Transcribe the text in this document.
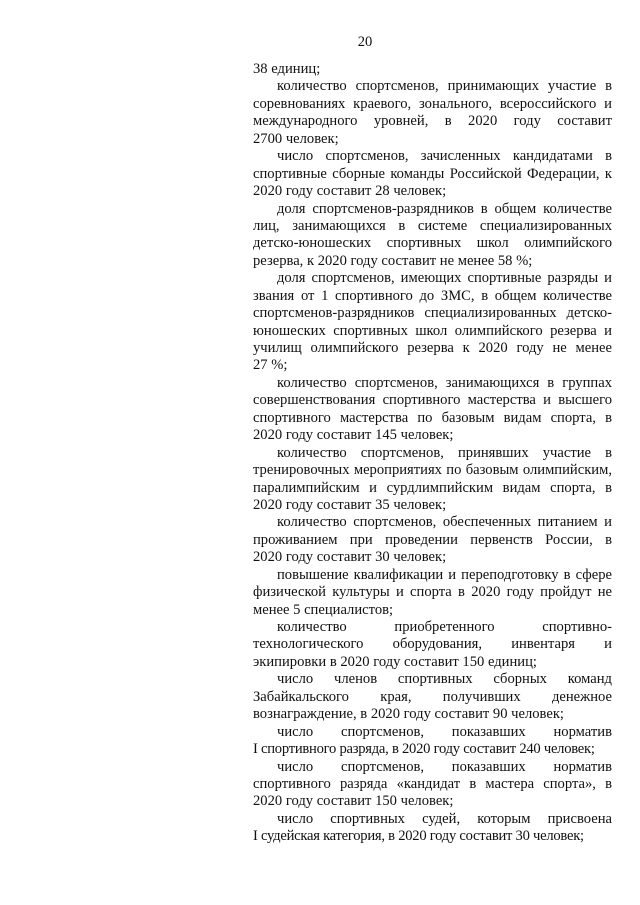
20
38 единиц;
количество спортсменов, принимающих участие в
соревнованиях краевого, зонального, всероссийского и
международного уровней, в 2020 году составит
2700 человек;
число спортсменов, зачисленных кандидатами в
спортивные сборные команды Российской Федерации, к
2020 году составит 28 человек;
доля спортсменов-разрядников в общем количестве
лиц, занимающихся в системе специализированных
детско-юношеских спортивных школ олимпийского
резерва, к 2020 году составит не менее 58 %;
доля спортсменов, имеющих спортивные разряды и
звания от 1 спортивного до ЗМС, в общем количестве
спортсменов-разрядников специализированных детско-
юношеских спортивных школ олимпийского резерва и
училищ олимпийского резерва к 2020 году не менее
27 %;
количество спортсменов, занимающихся в группах
совершенствования спортивного мастерства и высшего
спортивного мастерства по базовым видам спорта, в
2020 году составит 145 человек;
количество спортсменов, принявших участие в
тренировочных мероприятиях по базовым олимпийским,
паралимпийским и сурдлимпийским видам спорта, в
2020 году составит 35 человек;
количество спортсменов, обеспеченных питанием и
проживанием при проведении первенств России, в
2020 году составит 30 человек;
повышение квалификации и переподготовку в сфере
физической культуры и спорта в 2020 году пройдут не
менее 5 специалистов;
количество приобретенного спортивно-
технологического оборудования, инвентаря и
экипировки в 2020 году составит 150 единиц;
число членов спортивных сборных команд
Забайкальского края, получивших денежное
вознаграждение, в 2020 году составит 90 человек;
число спортсменов, показавших норматив
I спортивного разряда, в 2020 году составит 240 человек;
число спортсменов, показавших норматив
спортивного разряда «кандидат в мастера спорта», в
2020 году составит 150 человек;
число спортивных судей, которым присвоена
I судейская категория, в 2020 году составит 30 человек;
